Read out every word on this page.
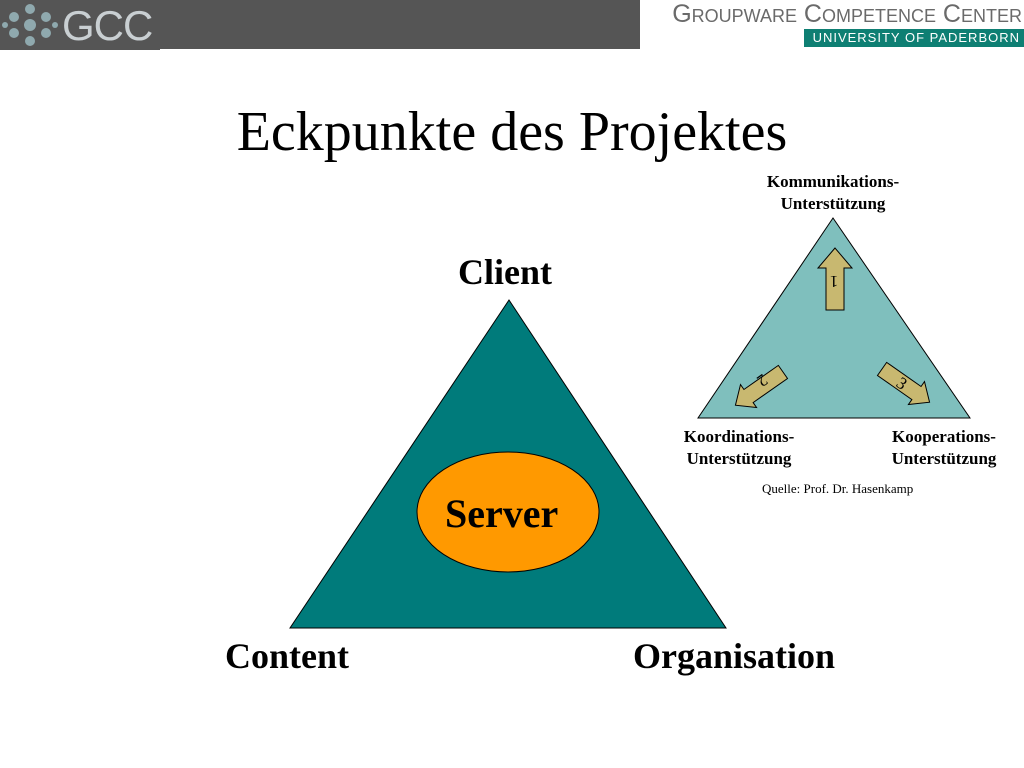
GCC	Groupware Competence Center
UNIVERSITY OF PADERBORN
Eckpunkte des Projektes
1
2	3
Client
Server
Content	Organisation
Kommunikations-
Unterstützung
Koordinations-
Unterstützung
Kooperations-
Unterstützung
Quelle: Prof. Dr. Hasenkamp
